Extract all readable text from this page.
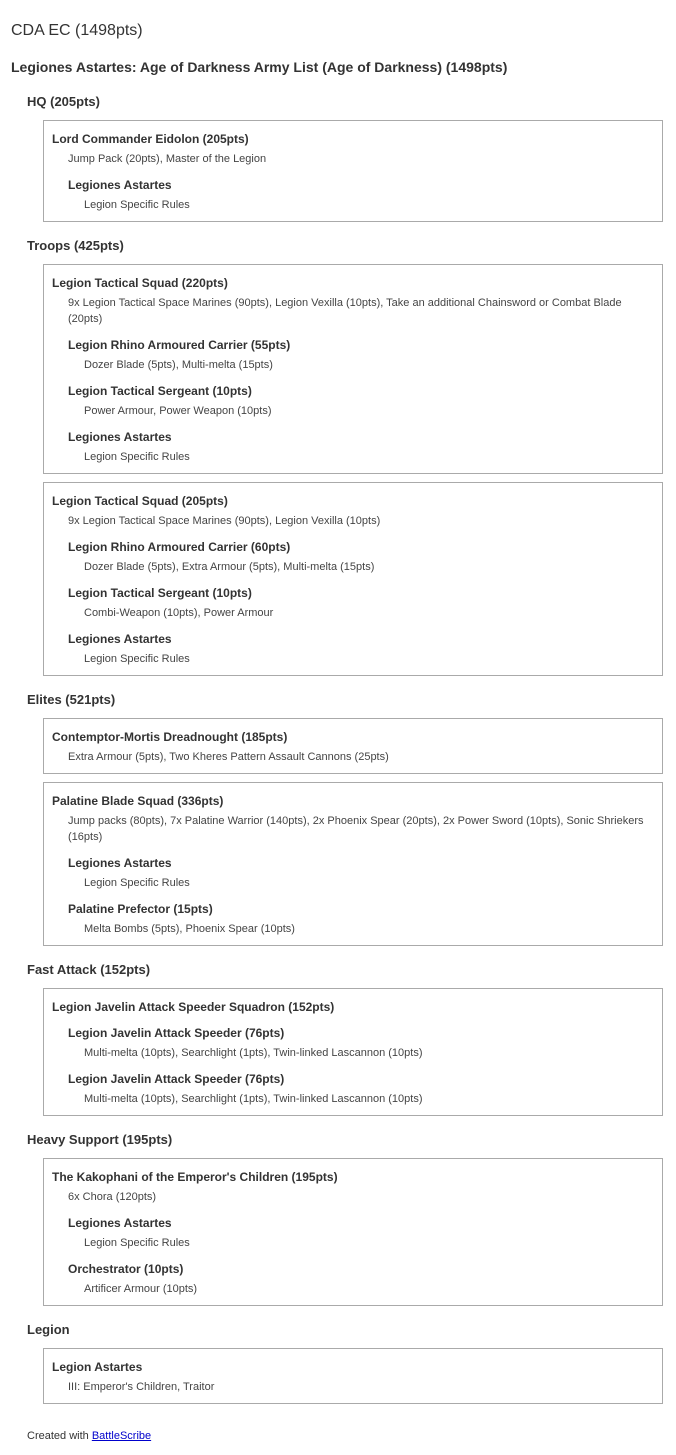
CDA EC (1498pts)
Legiones Astartes: Age of Darkness Army List (Age of Darkness) (1498pts)
HQ (205pts)
Lord Commander Eidolon (205pts)
Jump Pack (20pts), Master of the Legion
Legiones Astartes
Legion Specific Rules
Troops (425pts)
Legion Tactical Squad (220pts)
9x Legion Tactical Space Marines (90pts), Legion Vexilla (10pts), Take an additional Chainsword or Combat Blade (20pts)
Legion Rhino Armoured Carrier (55pts)
Dozer Blade (5pts), Multi-melta (15pts)
Legion Tactical Sergeant (10pts)
Power Armour, Power Weapon (10pts)
Legiones Astartes
Legion Specific Rules
Legion Tactical Squad (205pts)
9x Legion Tactical Space Marines (90pts), Legion Vexilla (10pts)
Legion Rhino Armoured Carrier (60pts)
Dozer Blade (5pts), Extra Armour (5pts), Multi-melta (15pts)
Legion Tactical Sergeant (10pts)
Combi-Weapon (10pts), Power Armour
Legiones Astartes
Legion Specific Rules
Elites (521pts)
Contemptor-Mortis Dreadnought (185pts)
Extra Armour (5pts), Two Kheres Pattern Assault Cannons (25pts)
Palatine Blade Squad (336pts)
Jump packs (80pts), 7x Palatine Warrior (140pts), 2x Phoenix Spear (20pts), 2x Power Sword (10pts), Sonic Shriekers (16pts)
Legiones Astartes
Legion Specific Rules
Palatine Prefector (15pts)
Melta Bombs (5pts), Phoenix Spear (10pts)
Fast Attack (152pts)
Legion Javelin Attack Speeder Squadron (152pts)
Legion Javelin Attack Speeder (76pts)
Multi-melta (10pts), Searchlight (1pts), Twin-linked Lascannon (10pts)
Legion Javelin Attack Speeder (76pts)
Multi-melta (10pts), Searchlight (1pts), Twin-linked Lascannon (10pts)
Heavy Support (195pts)
The Kakophani of the Emperor's Children (195pts)
6x Chora (120pts)
Legiones Astartes
Legion Specific Rules
Orchestrator (10pts)
Artificer Armour (10pts)
Legion
Legion Astartes
III: Emperor's Children, Traitor
Created with BattleScribe
